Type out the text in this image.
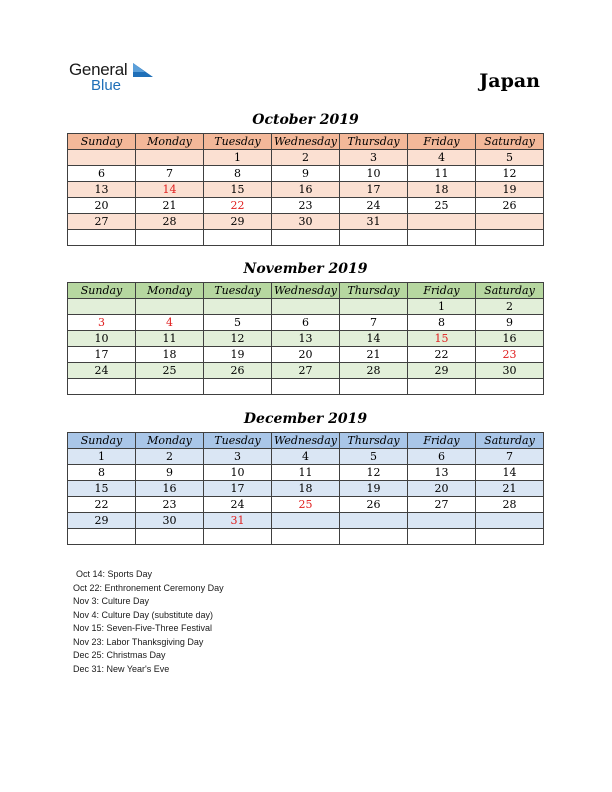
General
Blue	Japan
October 2019
Sunday	Monday	Tuesday	Wednesday	Thursday	Friday	Saturday
		1	2	3	4	5
6	7	8	9	10	11	12
13	14	15	16	17	18	19
20	21	22	23	24	25	26
27	28	29	30	31		

November 2019
Sunday	Monday	Tuesday	Wednesday	Thursday	Friday	Saturday
					1	2
3	4	5	6	7	8	9
10	11	12	13	14	15	16
17	18	19	20	21	22	23
24	25	26	27	28	29	30

December 2019
Sunday	Monday	Tuesday	Wednesday	Thursday	Friday	Saturday
1	2	3	4	5	6	7
8	9	10	11	12	13	14
15	16	17	18	19	20	21
22	23	24	25	26	27	28
29	30	31				

Oct 14: Sports Day
Oct 22: Enthronement Ceremony Day
Nov 3: Culture Day
Nov 4: Culture Day (substitute day)
Nov 15: Seven-Five-Three Festival
Nov 23: Labor Thanksgiving Day
Dec 25: Christmas Day
Dec 31: New Year's Eve
